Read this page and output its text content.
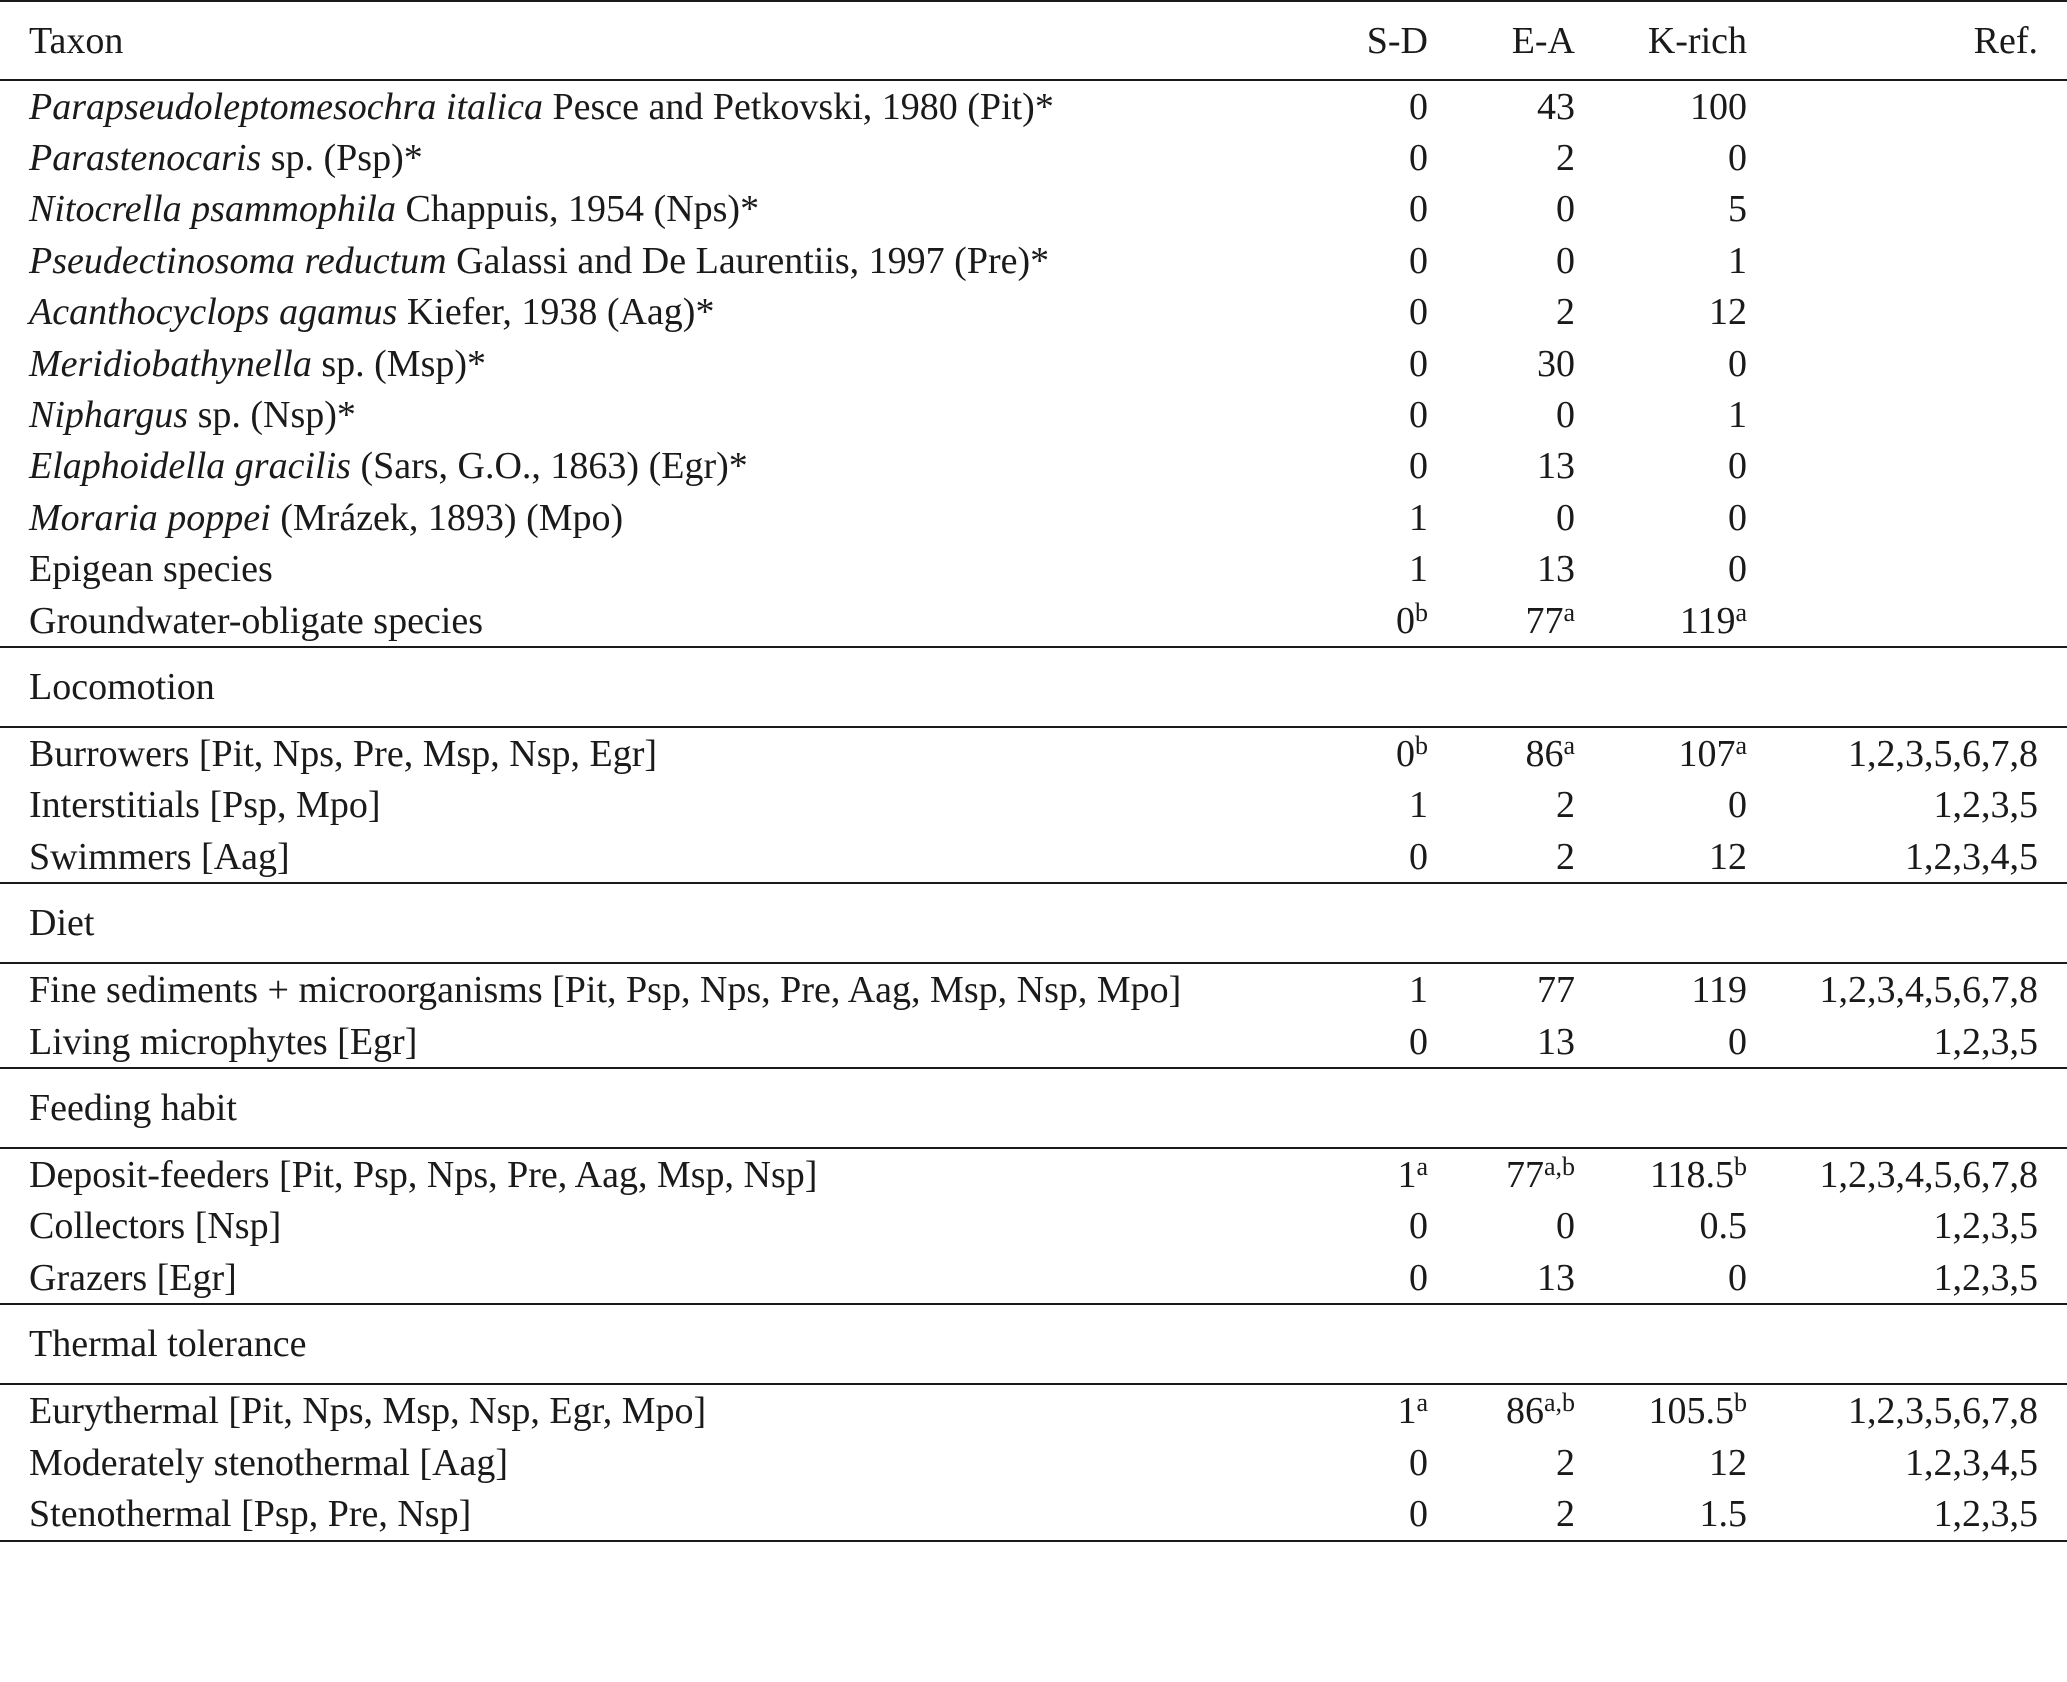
Taxon	S-D	E-A	K-rich	Ref.
Parapseudoleptomesochra italica Pesce and Petkovski, 1980 (Pit)*	0	43	100	
Parastenocaris sp. (Psp)*	0	2	0	
Nitocrella psammophila Chappuis, 1954 (Nps)*	0	0	5	
Pseudectinosoma reductum Galassi and De Laurentiis, 1997 (Pre)*	0	0	1	
Acanthocyclops agamus Kiefer, 1938 (Aag)*	0	2	12	
Meridiobathynella sp. (Msp)*	0	30	0	
Niphargus sp. (Nsp)*	0	0	1	
Elaphoidella gracilis (Sars, G.O., 1863) (Egr)*	0	13	0	
Moraria poppei (Mrázek, 1893) (Mpo)	1	0	0	
Epigean species	1	13	0	
Groundwater-obligate species	0$^b$	77$^a$	119$^a$	
Locomotion				
Burrowers [Pit, Nps, Pre, Msp, Nsp, Egr]	0$^b$	86$^a$	107$^a$	1,2,3,5,6,7,8
Interstitials [Psp, Mpo]	1	2	0	1,2,3,5
Swimmers [Aag]	0	2	12	1,2,3,4,5
Diet				
Fine sediments + microorganisms [Pit, Psp, Nps, Pre, Aag, Msp, Nsp, Mpo]	1	77	119	1,2,3,4,5,6,7,8
Living microphytes [Egr]	0	13	0	1,2,3,5
Feeding habit				
Deposit-feeders [Pit, Psp, Nps, Pre, Aag, Msp, Nsp]	1$^a$	77$^{a,b}$	118.5$^b$	1,2,3,4,5,6,7,8
Collectors [Nsp]	0	0	0.5	1,2,3,5
Grazers [Egr]	0	13	0	1,2,3,5
Thermal tolerance				
Eurythermal [Pit, Nps, Msp, Nsp, Egr, Mpo]	1$^a$	86$^{a,b}$	105.5$^b$	1,2,3,5,6,7,8
Moderately stenothermal [Aag]	0	2	12	1,2,3,4,5
Stenothermal [Psp, Pre, Nsp]	0	2	1.5	1,2,3,5
